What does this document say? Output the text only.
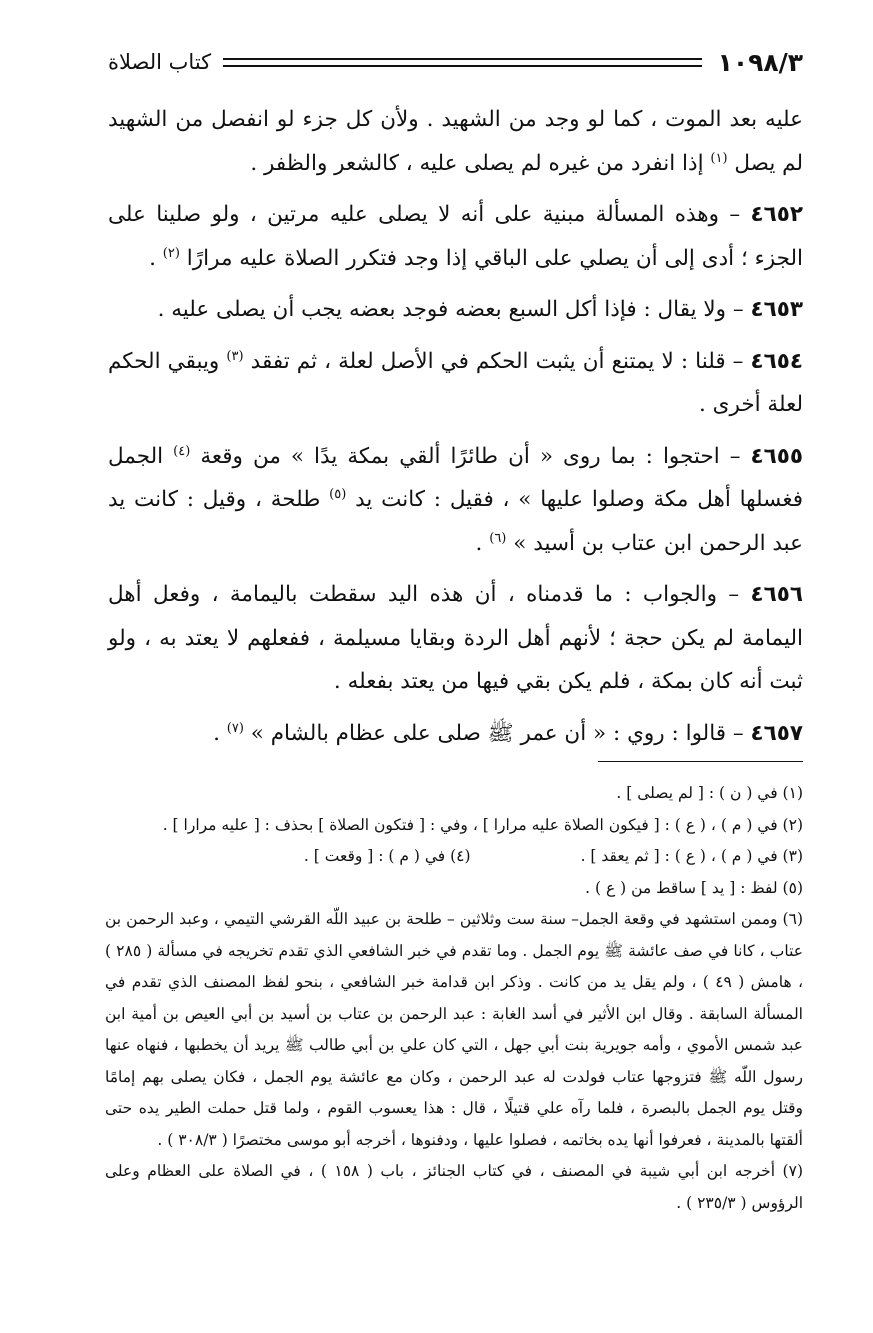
١٠٩٨/٣
كتاب الصلاة

عليه بعد الموت ، كما لو وجد من الشهيد . ولأن كل جزء لو انفصل من الشهيد لم يصل $^{(١)}$ إذا انفرد من غيره لم يصلى عليه ، كالشعر والظفر .

٤٦٥٢ – وهذه المسألة مبنية على أنه لا يصلى عليه مرتين ، ولو صلينا على الجزء ؛ أدى إلى أن يصلي على الباقي إذا وجد فتكرر الصلاة عليه مرارًا $^{(٢)}$ .

٤٦٥٣ – ولا يقال : فإذا أكل السبع بعضه فوجد بعضه يجب أن يصلى عليه .

٤٦٥٤ – قلنا : لا يمتنع أن يثبت الحكم في الأصل لعلة ، ثم تفقد $^{(٣)}$ ويبقي الحكم لعلة أخرى .

٤٦٥٥ – احتجوا : بما روى « أن طائرًا ألقي بمكة يدًا » من وقعة $^{(٤)}$ الجمل فغسلها أهل مكة وصلوا عليها » ، فقيل : كانت يد $^{(٥)}$ طلحة ، وقيل : كانت يد عبد الرحمن ابن عتاب بن أسيد » $^{(٦)}$ .

٤٦٥٦ – والجواب : ما قدمناه ، أن هذه اليد سقطت باليمامة ، وفعل أهل اليمامة لم يكن حجة ؛ لأنهم أهل الردة وبقايا مسيلمة ، ففعلهم لا يعتد به ، ولو ثبت أنه كان بمكة ، فلم يكن بقي فيها من يعتد بفعله .

٤٦٥٧ – قالوا : روي : « أن عمر ﷺ صلى على عظام بالشام » $^{(٧)}$ .

(١) في ( ن ) : [ لم يصلى ] .

(٢) في ( م ) ، ( ع ) : [ فيكون الصلاة عليه مرارا ] ، وفي : [ فتكون الصلاة ] بحذف : [ عليه مرارا ] .

(٣) في ( م ) ، ( ع ) : [ ثم يعقد ] .
(٤) في ( م ) : [ وقعت ] .

(٥) لفظ : [ يد ] ساقط من ( ع ) .

(٦) وممن استشهد في وقعة الجمل– سنة ست وثلاثين – طلحة بن عبيد اللّه القرشي التيمي ، وعبد الرحمن بن عتاب ، كانا في صف عائشة ﷺ يوم الجمل . وما تقدم في خبر الشافعي الذي تقدم تخريجه في مسألة ( ٢٨٥ ) ، هامش ( ٤٩ ) ، ولم يقل يد من كانت . وذكر ابن قدامة خبر الشافعي ، بنحو لفظ المصنف الذي تقدم في المسألة السابقة . وقال ابن الأثير في أسد الغابة : عبد الرحمن بن عتاب بن أسيد بن أبي العيص بن أمية ابن عبد شمس الأموي ، وأمه جويرية بنت أبي جهل ، التي كان علي بن أبي طالب ﷺ يريد أن يخطبها ، فنهاه عنها رسول اللّه ﷺ فتزوجها عتاب فولدت له عبد الرحمن ، وكان مع عائشة يوم الجمل ، فكان يصلى بهم إمامًا وقتل يوم الجمل بالبصرة ، فلما رآه علي قتيلًا ، قال : هذا يعسوب القوم ، ولما قتل حملت الطير يده حتى ألقتها بالمدينة ، فعرفوا أنها يده بخاتمه ، فصلوا عليها ، ودفنوها ، أخرجه أبو موسى مختصرًا ( ٣٠٨/٣ ) .

(٧) أخرجه ابن أبي شيبة في المصنف ، في كتاب الجنائز ، باب ( ١٥٨ ) ، في الصلاة على العظام وعلى الرؤوس ( ٢٣٥/٣ ) .
